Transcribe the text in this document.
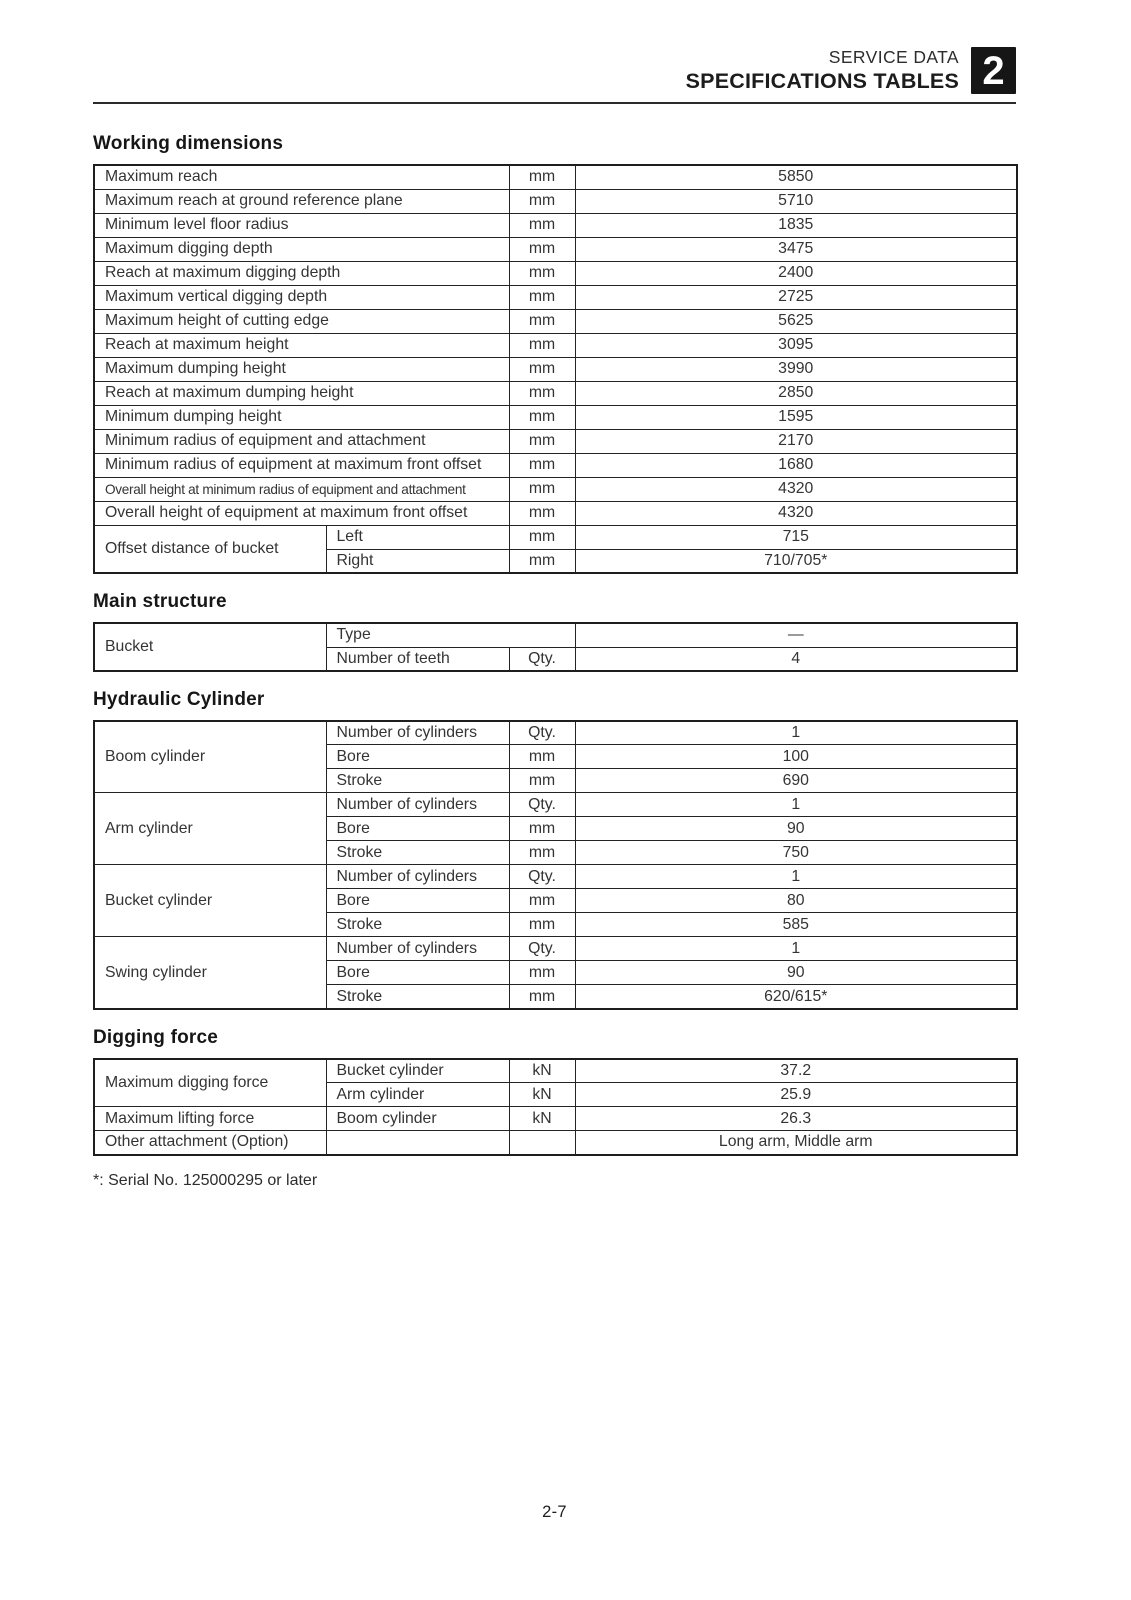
SERVICE DATA
SPECIFICATIONS TABLES 2
Working dimensions
Maximum reach		mm	5850
Maximum reach at ground reference plane		mm	5710
Minimum level floor radius		mm	1835
Maximum digging depth		mm	3475
Reach at maximum digging depth		mm	2400
Maximum vertical digging depth		mm	2725
Maximum height of cutting edge		mm	5625
Reach at maximum height		mm	3095
Maximum dumping height		mm	3990
Reach at maximum dumping height		mm	2850
Minimum dumping height		mm	1595
Minimum radius of equipment and attachment		mm	2170
Minimum radius of equipment at maximum front offset		mm	1680
Overall height at minimum radius of equipment and attachment		mm	4320
Overall height of equipment at maximum front offset		mm	4320
Offset distance of bucket	Left	mm	715
	Right	mm	710/705*
Main structure
Bucket	Type		—
	Number of teeth	Qty.	4
Hydraulic Cylinder
Boom cylinder	Number of cylinders	Qty.	1
	Bore	mm	100
	Stroke	mm	690
Arm cylinder	Number of cylinders	Qty.	1
	Bore	mm	90
	Stroke	mm	750
Bucket cylinder	Number of cylinders	Qty.	1
	Bore	mm	80
	Stroke	mm	585
Swing cylinder	Number of cylinders	Qty.	1
	Bore	mm	90
	Stroke	mm	620/615*
Digging force
Maximum digging force	Bucket cylinder	kN	37.2
	Arm cylinder	kN	25.9
Maximum lifting force	Boom cylinder	kN	26.3
Other attachment (Option)			Long arm, Middle arm
*: Serial No. 125000295 or later
2-7
